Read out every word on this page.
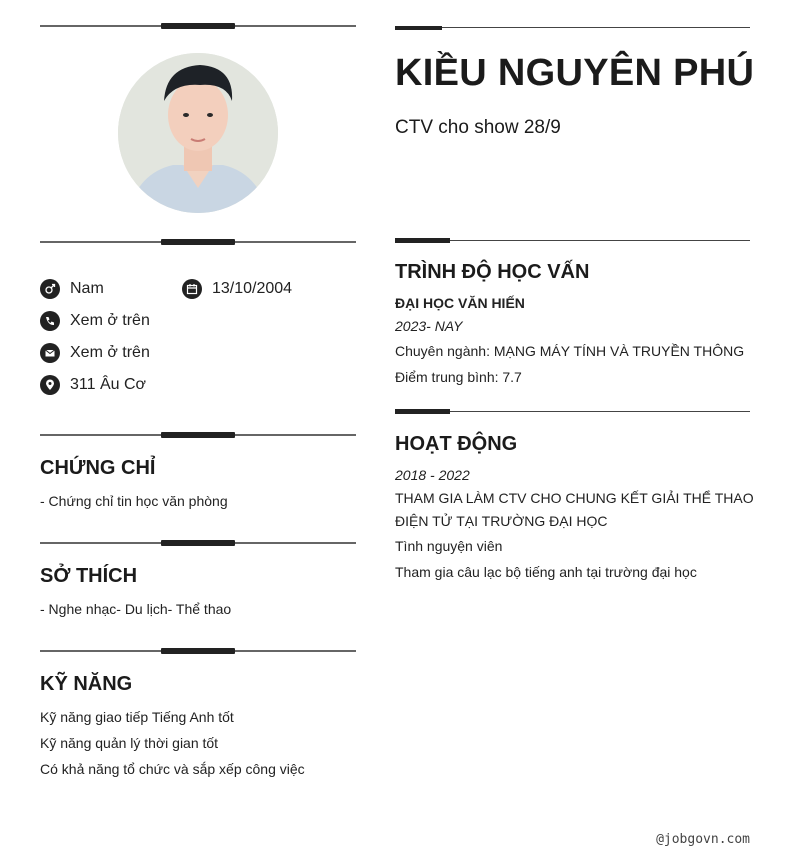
Nam	13/10/2004
Xem ở trên
Xem ở trên
311 Âu Cơ
CHỨNG CHỈ
- Chứng chỉ tin học văn phòng
SỞ THÍCH
- Nghe nhạc- Du lịch- Thể thao
KỸ NĂNG
Kỹ năng giao tiếp Tiếng Anh tốt
Kỹ năng quản lý thời gian tốt
Có khả năng tổ chức và sắp xếp công việc
KIỀU NGUYÊN PHÚ
CTV cho show 28/9
TRÌNH ĐỘ HỌC VẤN
ĐẠI HỌC VĂN HIẾN
2023- NAY
Chuyên ngành: MẠNG MÁY TÍNH VÀ TRUYỀN THÔNG
Điểm trung bình: 7.7
HOẠT ĐỘNG
2018 - 2022
THAM GIA LÀM CTV CHO CHUNG KẾT GIẢI THỂ THAO
ĐIỆN TỬ TẠI TRƯỜNG ĐẠI HỌC
Tình nguyện viên
Tham gia câu lạc bộ tiếng anh tại trường đại học
@jobgovn.com
